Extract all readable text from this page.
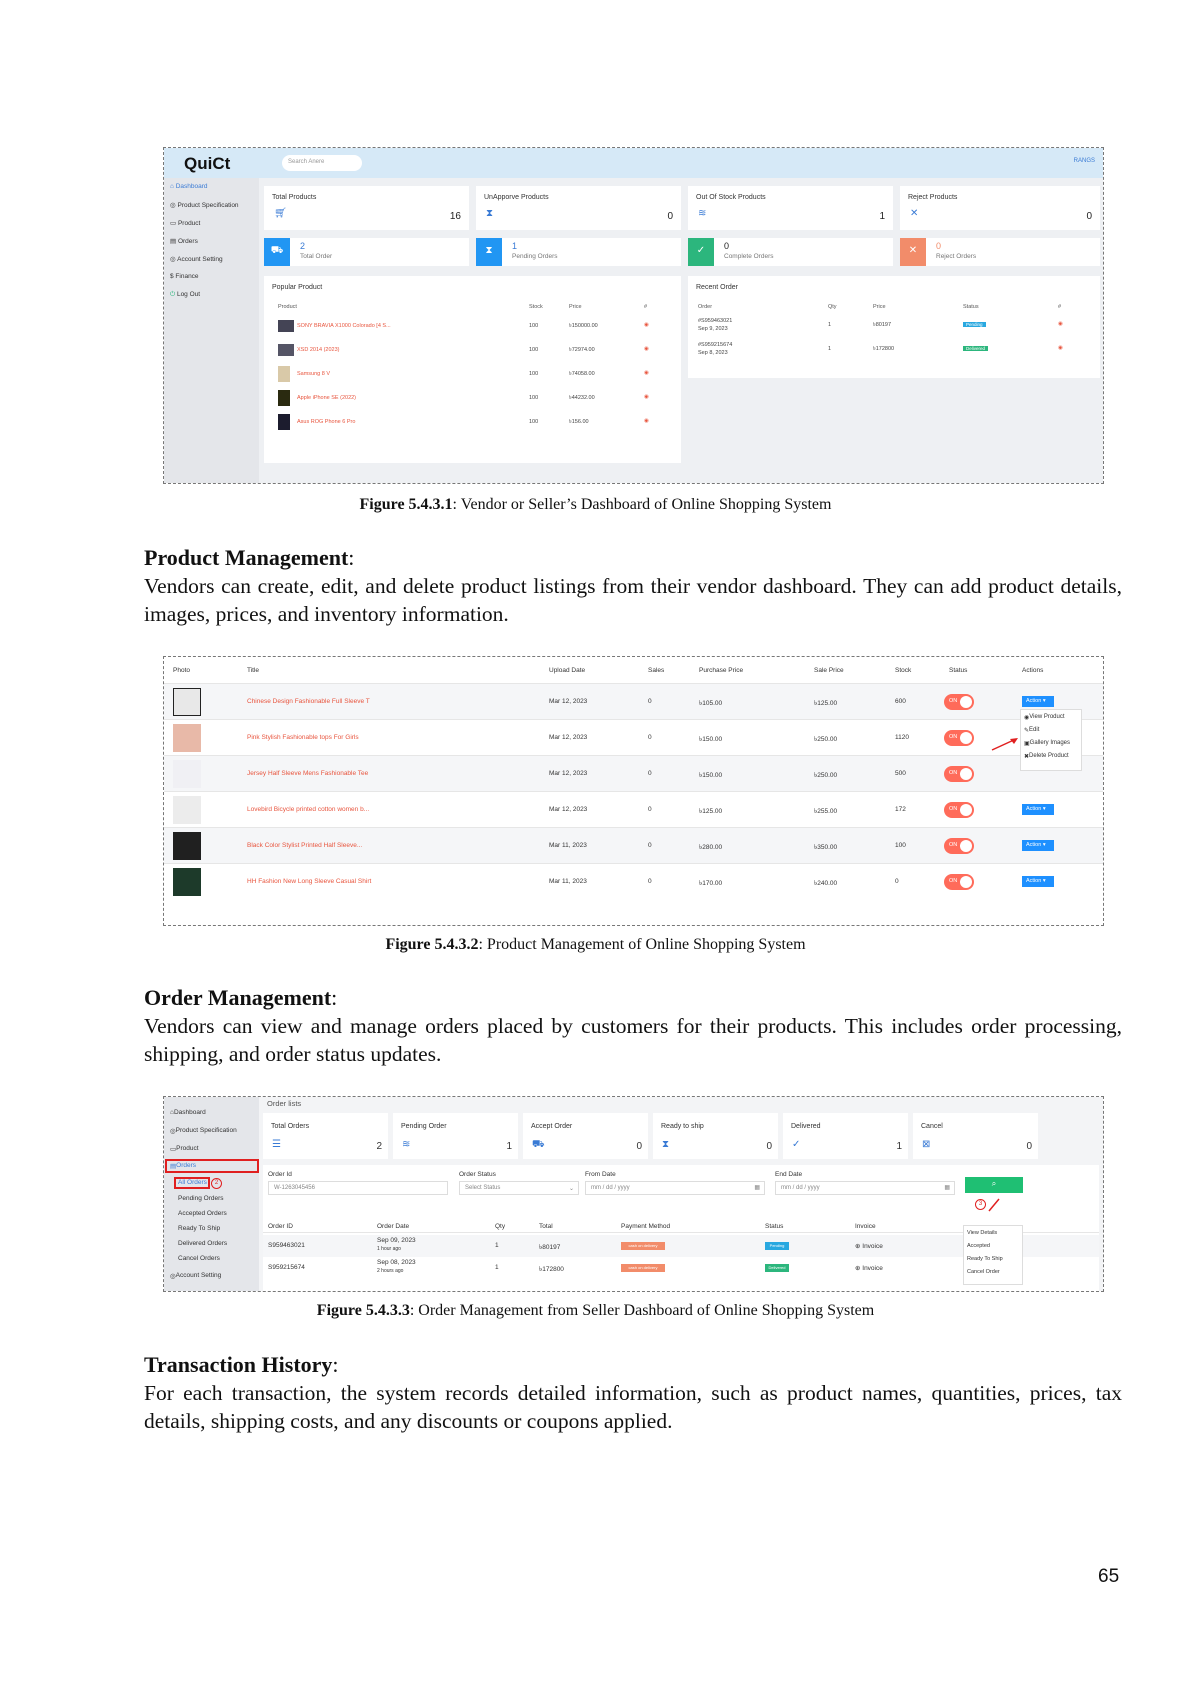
QuiCt	Search Anere	RANGS
⌂ Dashboard
◎ Product Specification
▭ Product
▤ Orders
◎ Account Setting
$ Finance
⏻ Log Out
Total Products
🛒︎	16
UnApporve Products
⧗	0
Out Of Stock Products
≋	1
Reject Products
✕	0
⛟	2
Total Order
⧗	1
Pending Orders
✓	0
Complete Orders
✕	0
Reject Orders
Popular Product
Product	Stock	Price	#
SONY BRAVIA X1000 Colorado [4 S...	100	৳150000.00	◉
XSD 2014 (2023)	100	৳72974.00	◉
Samsung 8 V	100	৳74058.00	◉
Apple iPhone SE (2022)	100	৳44232.00	◉
Asus ROG Phone 6 Pro	100	৳156.00	◉
Recent Order
Order	Qty	Price	Status	#
#S959463021
Sep 9, 2023
1	৳80197	Pending	◉
#S959215674
Sep 8, 2023
1	৳172800	Delivered	◉
Figure 5.4.3.1: Vendor or Seller’s Dashboard of Online Shopping System
Product Management:
Vendors can create, edit, and delete product listings from their vendor dashboard. They can add product details, images, prices, and inventory information.
Photo	Title	Upload Date	Sales	Purchase Price	Sale Price	Stock	Status	Actions
Chinese Design Fashionable Full Sleeve T	Mar 12, 2023	0	৳105.00	৳125.00	600	ON	Action ▾
Pink Stylish Fashionable tops For Girls	Mar 12, 2023	0	৳150.00	৳250.00	1120	ON
Jersey Half Sleeve Mens Fashionable Tee	Mar 12, 2023	0	৳150.00	৳250.00	500	ON
Lovebird Bicycle printed cotton women b...	Mar 12, 2023	0	৳125.00	৳255.00	172	ON	Action ▾
Black Color Stylist Printed Half Sleeve...	Mar 11, 2023	0	৳280.00	৳350.00	100	ON	Action ▾
HH Fashion New Long Sleeve Casual Shirt	Mar 11, 2023	0	৳170.00	৳240.00	0	ON	Action ▾
◉ View Product
✎ Edit
▣ Gallery Images
✖ Delete Product
Figure 5.4.3.2: Product Management of Online Shopping System
Order Management:
Vendors can view and manage orders placed by customers for their products. This includes order processing, shipping, and order status updates.
⌂ Dashboard
◎ Product Specification
▭ Product
▤ Orders
All Orders
Pending Orders
Accepted Orders
Ready To Ship
Delivered Orders
Cancel Orders
◎ Account Setting
2
Order lists
Total Orders
☰	2
Pending Order
≋	1
Accept Order
⛟	0
Ready to ship
⧗	0
Delivered
✓	1
Cancel
⊠	0
Order Id
W-1263045456
Order Status
Select Status	⌄
From Date
mm / dd / yyyy	▦
End Date
mm / dd / yyyy	▦	⌕
3
Order ID	Order Date	Qty	Total	Payment Method	Status	Invoice
S959463021
Sep 09, 2023
1 hour ago	1	৳80197	cash on delivery	Pending	⊕ Invoice
S959215674
Sep 08, 2023
2 hours ago	1	৳172800	cash on delivery	Delivered	⊕ Invoice
View Details
Accepted
Ready To Ship
Cancel Order
Figure 5.4.3.3: Order Management from Seller Dashboard of Online Shopping System
Transaction History:
For each transaction, the system records detailed information, such as product names, quantities, prices, tax details, shipping costs, and any discounts or coupons applied.
65
